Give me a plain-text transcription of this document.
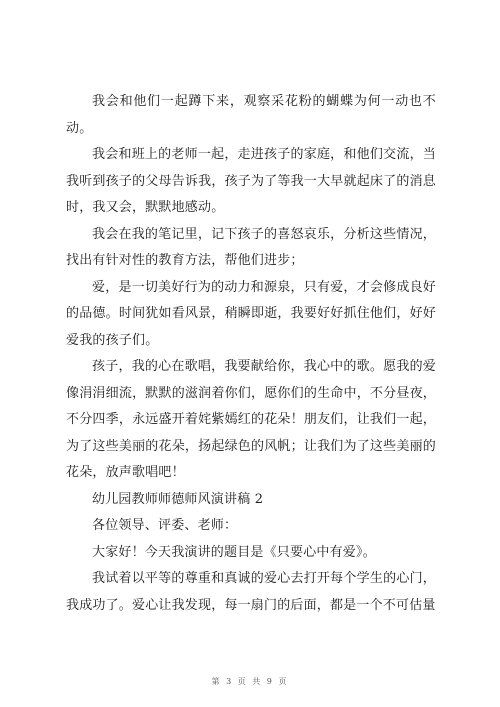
我会和他们一起蹲下来，观察采花粉的蝴蝶为何一动也不动。

我会和班上的老师一起，走进孩子的家庭，和他们交流，当我听到孩子的父母告诉我，孩子为了等我一大早就起床了的消息时，我又会，默默地感动。

我会在我的笔记里，记下孩子的喜怒哀乐，分析这些情况，找出有针对性的教育方法，帮他们进步；

爱，是一切美好行为的动力和源泉，只有爱，才会修成良好的品德。时间犹如看风景，稍瞬即逝，我要好好抓住他们，好好爱我的孩子们。

孩子，我的心在歌唱，我要献给你，我心中的歌。愿我的爱像涓涓细流，默默的滋润着你们，愿你们的生命中，不分昼夜，不分四季，永远盛开着姹紫嫣红的花朵！朋友们，让我们一起，为了这些美丽的花朵，扬起绿色的风帆；让我们为了这些美丽的花朵，放声歌唱吧！

幼儿园教师师德师风演讲稿 2

各位领导、评委、老师：

大家好！今天我演讲的题目是《只要心中有爱》。

我试着以平等的尊重和真诚的爱心去打开每个学生的心门，我成功了。爱心让我发现，每一扇门的后面，都是一个不可估量

第 3 页 共 9 页
